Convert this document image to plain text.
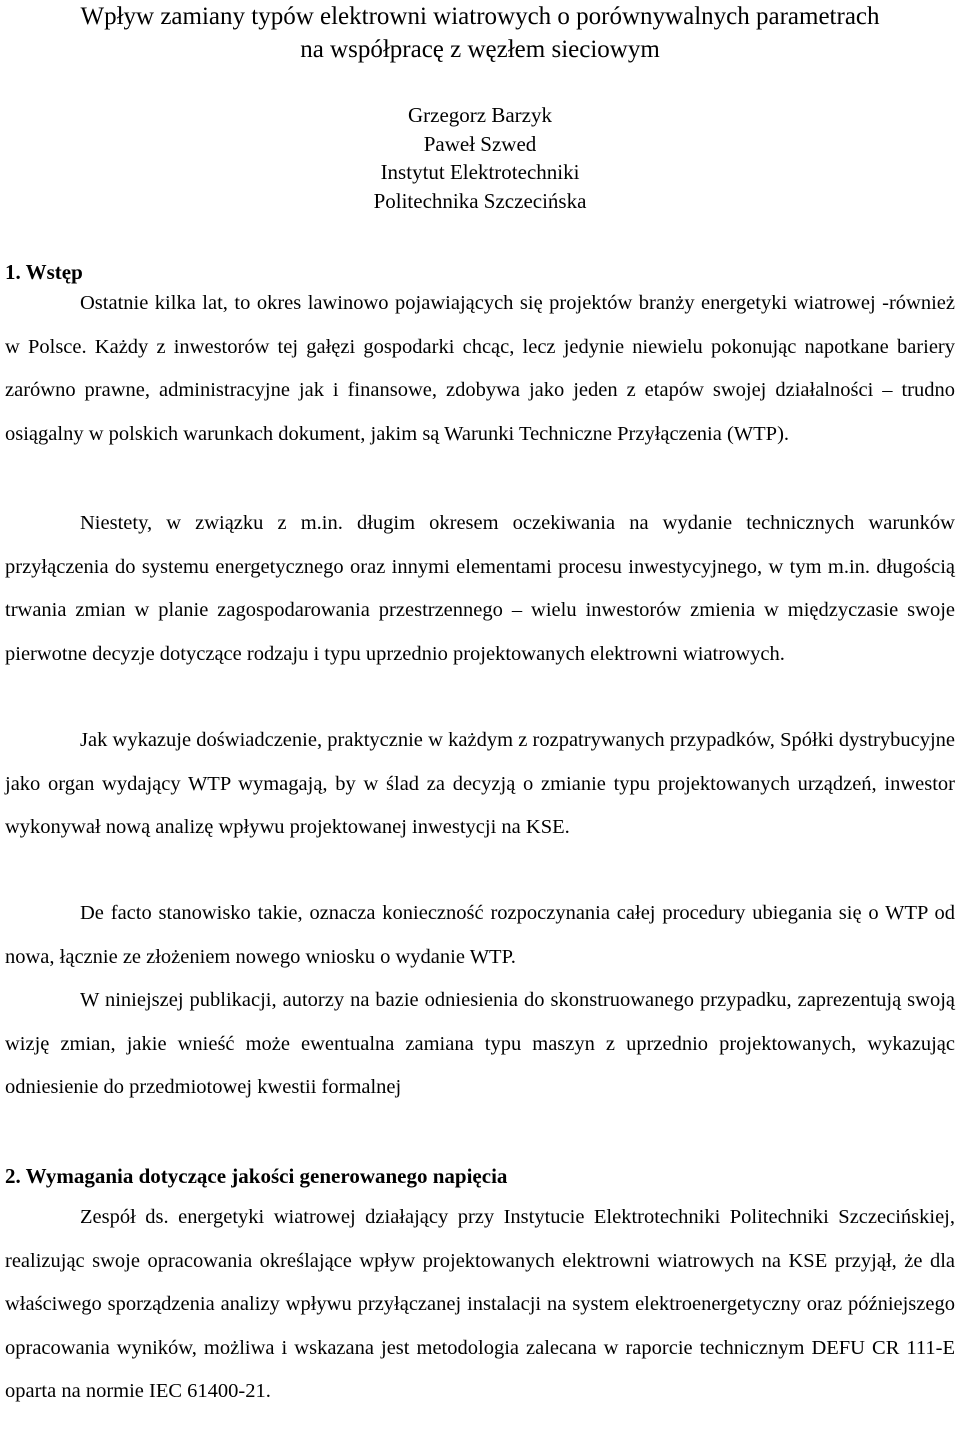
Wpływ zamiany typów elektrowni wiatrowych o porównywalnych parametrach
na współpracę z węzłem sieciowym
Grzegorz Barzyk
Paweł Szwed
Instytut Elektrotechniki
Politechnika Szczecińska
1. Wstęp

Ostatnie kilka lat, to okres lawinowo pojawiających się projektów branży energetyki wiatrowej -również w Polsce. Każdy z inwestorów tej gałęzi gospodarki chcąc, lecz jedynie niewielu pokonując napotkane bariery zarówno prawne, administracyjne jak i finansowe, zdobywa jako jeden z etapów swojej działalności – trudno osiągalny w polskich warunkach dokument, jakim są Warunki Techniczne Przyłączenia (WTP).

Niestety, w związku z m.in. długim okresem oczekiwania na wydanie technicznych warunków przyłączenia do systemu energetycznego oraz innymi elementami procesu inwestycyjnego, w tym m.in. długością trwania zmian w planie zagospodarowania przestrzennego – wielu inwestorów zmienia w międzyczasie swoje pierwotne decyzje dotyczące rodzaju i typu uprzednio projektowanych elektrowni wiatrowych.

Jak wykazuje doświadczenie, praktycznie w każdym z rozpatrywanych przypadków, Spółki dystrybucyjne jako organ wydający WTP wymagają, by w ślad za decyzją o zmianie typu projektowanych urządzeń, inwestor wykonywał nową analizę wpływu projektowanej inwestycji na KSE.

De facto stanowisko takie, oznacza konieczność rozpoczynania całej procedury ubiegania się o WTP od nowa, łącznie ze złożeniem nowego wniosku o wydanie WTP.

W niniejszej publikacji, autorzy na bazie odniesienia do skonstruowanego przypadku, zaprezentują swoją wizję zmian, jakie wnieść może ewentualna zamiana typu maszyn z uprzednio projektowanych, wykazując odniesienie do przedmiotowej kwestii formalnej

2. Wymagania dotyczące jakości generowanego napięcia

Zespół ds. energetyki wiatrowej działający przy Instytucie Elektrotechniki Politechniki Szczecińskiej, realizując swoje opracowania określające wpływ projektowanych elektrowni wiatrowych na KSE przyjął, że dla właściwego sporządzenia analizy wpływu przyłączanej instalacji na system elektroenergetyczny oraz późniejszego opracowania wyników, możliwa i wskazana jest metodologia zalecana w raporcie technicznym DEFU CR 111-E oparta na normie IEC 61400-21.
